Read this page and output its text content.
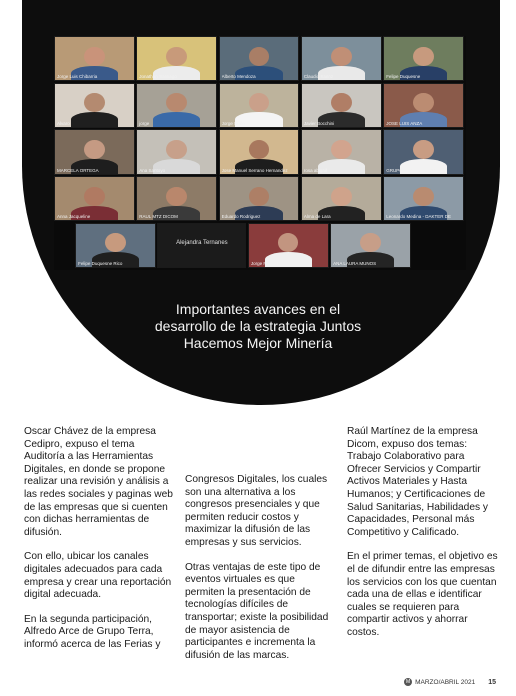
Jorge Luis Chibarria	Jonathan Santiago	Alberto Mendoza	Claudio Saenz	Felipe Duquesne
Alvaro	jorge	Jorge Nuño	Javier Bocchini	JOSE LUIS ANZA
MARCELA ORTEGA	Ana Santoyo	Jose Manuel Serrano Hernandez	rosa abigail	GRUPO EL GENTRAZO
Anna Jacqueline	RAUL MTZ DICOM	Eduardo Rodriguez	Alma de Lara	Leonardo Medina - DAKTER DE
Felipe Duquesne Rico
Alejandra Ternanes
Jorge PAIL SRTIA	ANA LAURA MUNOS
Importantes avances en el desarrollo de la estrategia Juntos Hacemos Mejor Minería

Oscar Chávez de la empresa Cedipro, expuso el tema Auditoría a las Herramientas Digitales, en donde se propone realizar una revisión y análisis a las redes sociales y paginas web de las empresas que si cuenten con dichas herramientas de difusión.

Con ello, ubicar los canales digitales adecuados para cada empresa y crear una reportación digital adecuada.

En la segunda participación, Alfredo Arce de Grupo Terra, informó acerca de las Ferias y

Congresos Digitales, los cuales son una alternativa a los congresos presenciales y que permiten reducir costos y maximizar la difusión de las empresas y sus servicios.

Otras ventajas de este tipo de eventos virtuales es que permiten la presentación de tecnologías difíciles de transportar; existe la posibilidad de mayor asistencia de participantes e incrementa la difusión de las marcas.

Raúl Martínez de la empresa Dicom, expuso dos temas: Trabajo Colaborativo para Ofrecer Servicios y Compartir Activos Materiales y Hasta Humanos; y Certificaciones de Salud Sanitarias, Habilidades y Capacidades, Personal más Competitivo y Calificado.

En el primer temas, el objetivo es el de difundir entre las empresas los servicios con los que cuentan cada una de ellas e identificar cuales se requieren para compartir activos y ahorrar costos.

M MARZO/ABRIL 2021 15
